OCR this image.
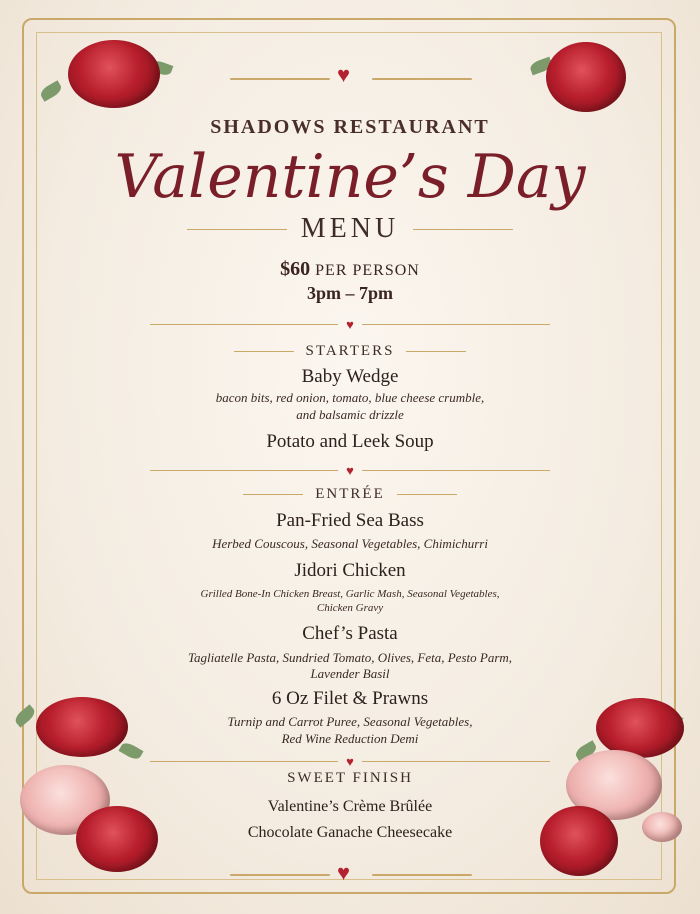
♥
♥
SHADOWS RESTAURANT
Valentine’s Day
MENU
$60 PER PERSON
3pm – 7pm
♥
STARTERS
Baby Wedge
bacon bits, red onion, tomato, blue cheese crumble,
and balsamic drizzle
Potato and Leek Soup
♥
ENTRÉE
Pan-Fried Sea Bass
Herbed Couscous, Seasonal Vegetables, Chimichurri
Jidori Chicken
Grilled Bone-In Chicken Breast, Garlic Mash, Seasonal Vegetables,
Chicken Gravy
Chef’s Pasta
Tagliatelle Pasta, Sundried Tomato, Olives, Feta, Pesto Parm,
Lavender Basil
6 Oz Filet & Prawns
Turnip and Carrot Puree, Seasonal Vegetables,
Red Wine Reduction Demi
♥
SWEET FINISH
Valentine’s Crème Brûlée
Chocolate Ganache Cheesecake
